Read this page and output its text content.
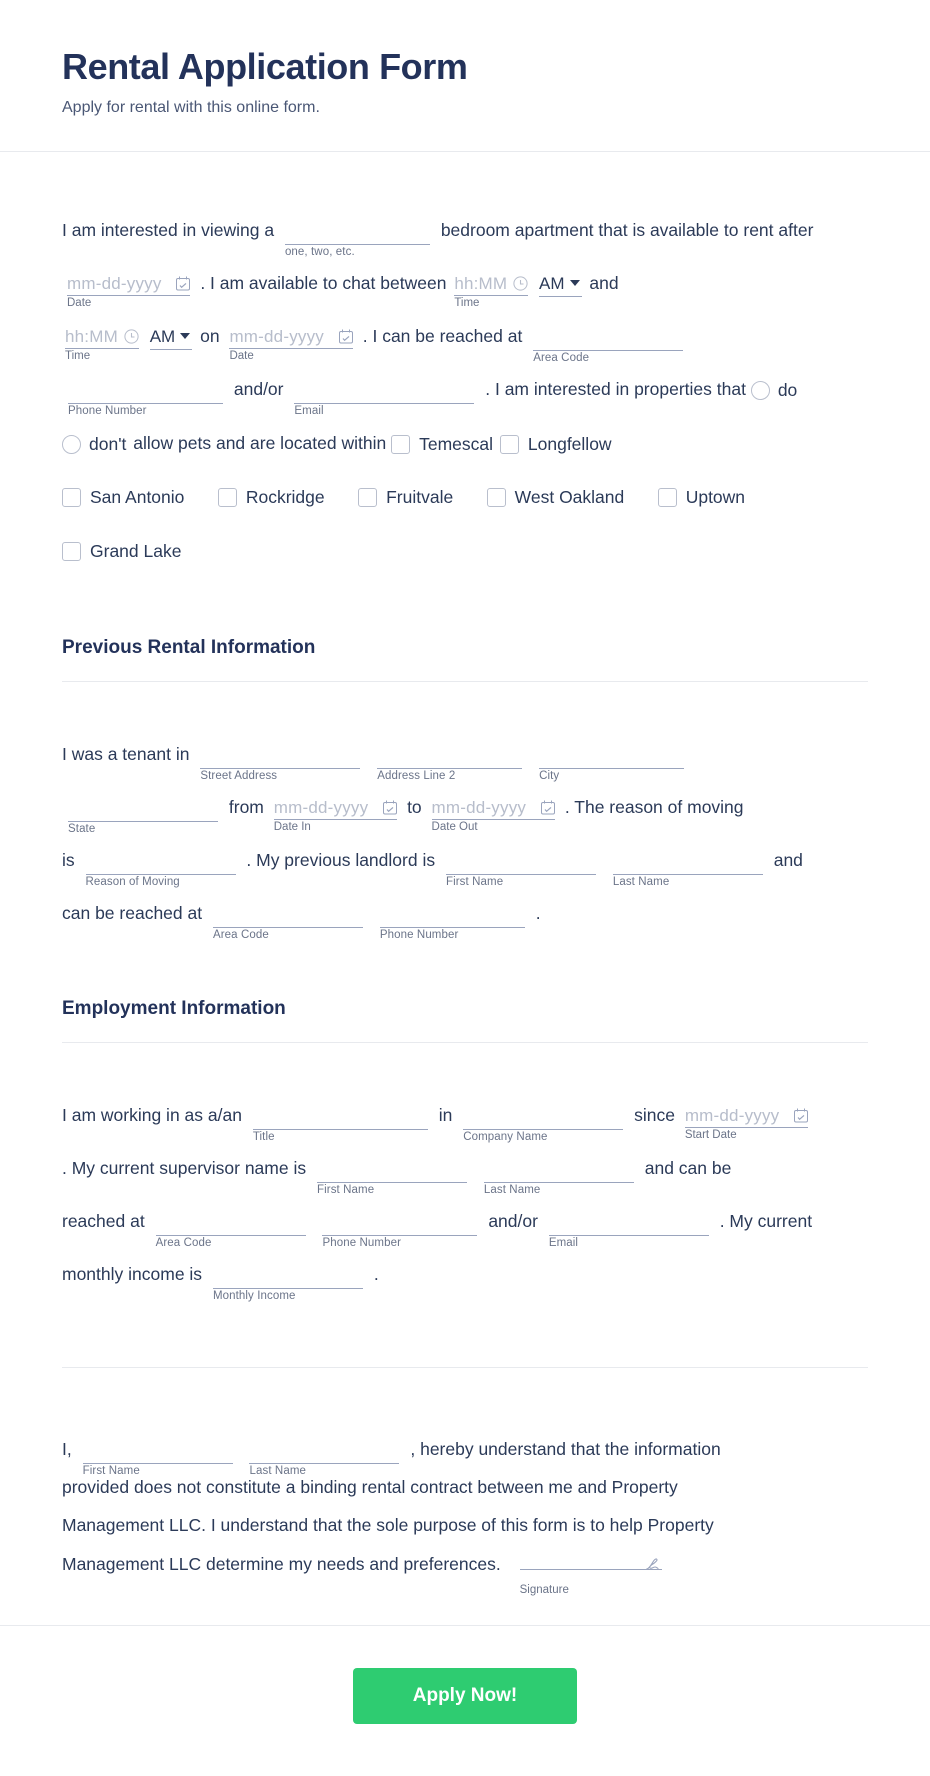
Rental Application Form

Apply for rental with this online form.

I am interested in viewing a
one, two, etc.
bedroom apartment that is available to rent after mm-dd-yyyy
Date
. I am available to chat between hh:MM
Time
AM and
hh:MM
Time
AM on mm-dd-yyyy
Date
. I can be reached at
Area Code

Phone Number
and/or
Email
. I am interested in properties that do
don't allow pets and are located within Temescal Longfellow
San Antonio	Rockridge	Fruitvale	West Oakland	Uptown
Grand Lake
Previous Rental Information
I was a tenant in
Street Address
	Address Line 2
	City

State
from mm-dd-yyyy
Date In
to mm-dd-yyyy
Date Out
. The reason of moving
is
Reason of Moving
. My previous landlord is
First Name
	Last Name
and
can be reached at
Area Code
	Phone Number
.
Employment Information
I am working in as a/an
Title
in
Company Name
since mm-dd-yyyy
Start Date

. My current supervisor name is
First Name
	Last Name
and can be
reached at
Area Code
	Phone Number
and/or
Email
. My current
monthly income is
Monthly Income
.
I,
First Name
	Last Name
, hereby understand that the information
provided does not constitute a binding rental contract between me and Property
Management LLC. I understand that the sole purpose of this form is to help Property
Management LLC determine my needs and preferences.
Signature
Apply Now!
